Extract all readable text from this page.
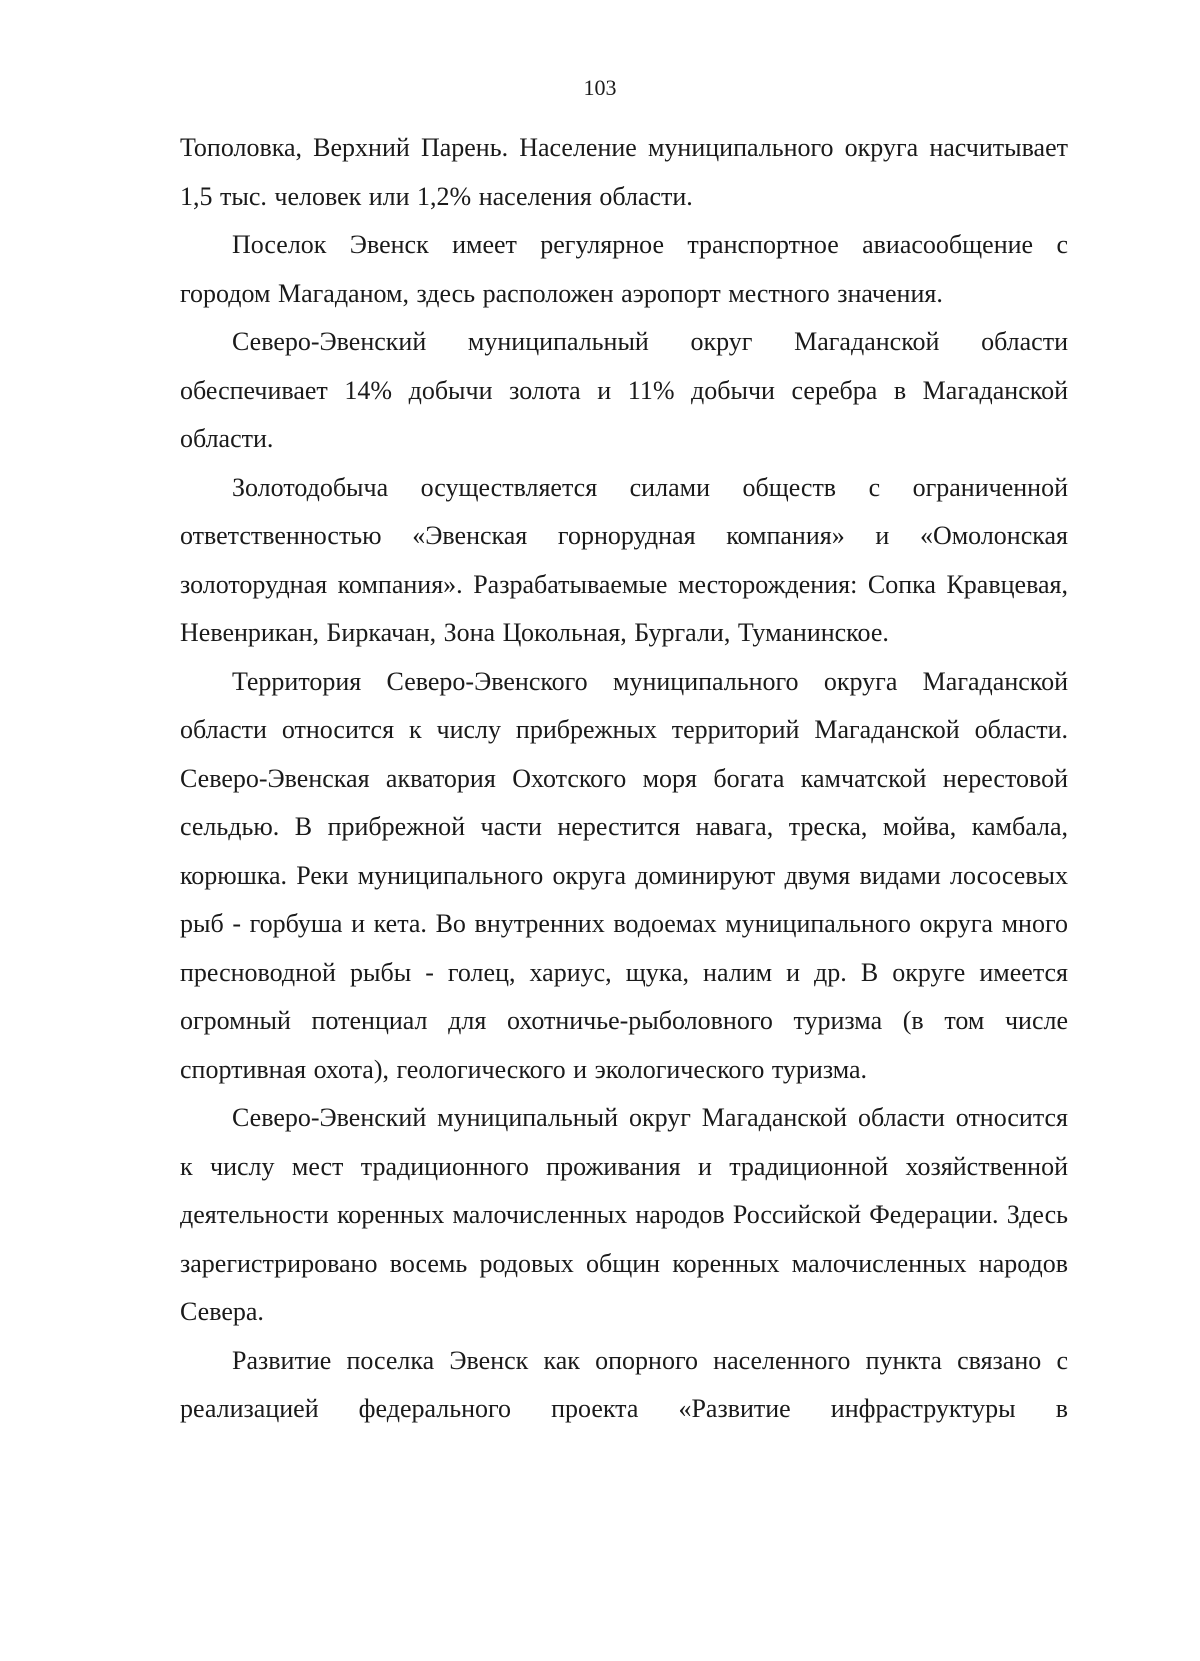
103

Тополовка, Верхний Парень. Население муниципального округа насчитывает 1,5 тыс. человек или 1,2% населения области.

Поселок Эвенск имеет регулярное транспортное авиасообщение с городом Магаданом, здесь расположен аэропорт местного значения.

Северо-Эвенский муниципальный округ Магаданской области обеспечивает 14% добычи золота и 11% добычи серебра в Магаданской области.

Золотодобыча осуществляется силами обществ с ограниченной ответственностью «Эвенская горнорудная компания» и «Омолонская золоторудная компания». Разрабатываемые месторождения: Сопка Кравцевая, Невенрикан, Биркачан, Зона Цокольная, Бургали, Туманинское.

Территория Северо-Эвенского муниципального округа Магаданской области относится к числу прибрежных территорий Магаданской области. Северо-Эвенская акватория Охотского моря богата камчатской нерестовой сельдью. В прибрежной части нерестится навага, треска, мойва, камбала, корюшка. Реки муниципального округа доминируют двумя видами лососевых рыб - горбуша и кета. Во внутренних водоемах муниципального округа много пресноводной рыбы - голец, хариус, щука, налим и др. В округе имеется огромный потенциал для охотничье-рыболовного туризма (в том числе спортивная охота), геологического и экологического туризма.

Северо-Эвенский муниципальный округ Магаданской области относится к числу мест традиционного проживания и традиционной хозяйственной деятельности коренных малочисленных народов Российской Федерации. Здесь зарегистрировано восемь родовых общин коренных малочисленных народов Севера.

Развитие поселка Эвенск как опорного населенного пункта связано с реализацией федерального проекта «Развитие инфраструктуры в
